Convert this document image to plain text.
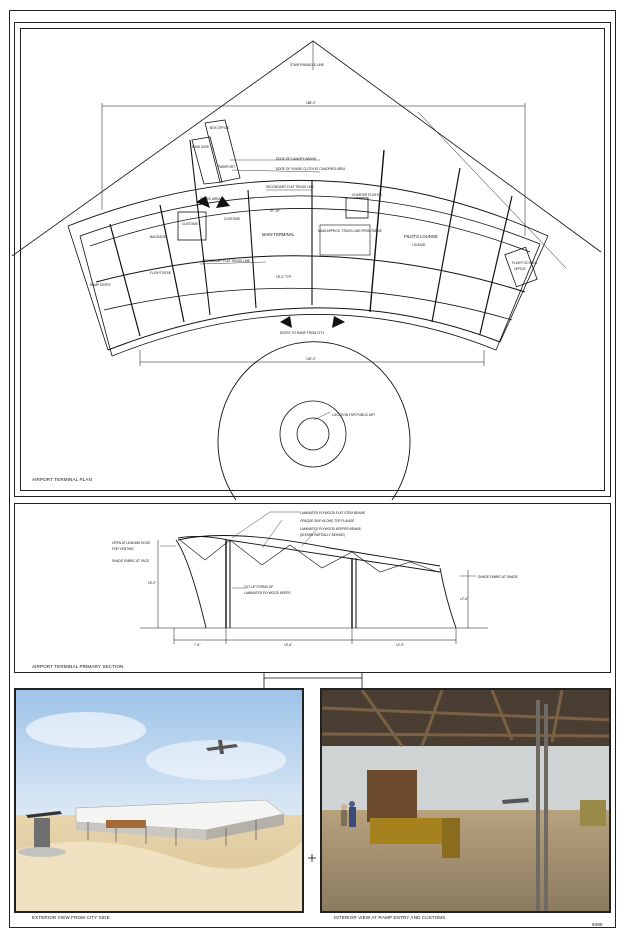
STAIR PINNACLE LINE
188'-0"
BOX OFFICE
MAIN GATE
PASSPORT
EDGE OF CANOPY ABOVE
EDGE OF SHADE CLOTH AT CANOPIED AREA
SECONDARY FLAT TRUSS LINE
CHARTER FLIGHTS
37'-10"
CUSTOMS
CUSTOMS
BAGGAGE	MAIN TERMINAL
MAIN APPROX. TRUSS LINE FROM RIDGE
PILOTS LOUNGE
LOUNGE
FLIGHT SCHOOL
OFFICE
FLIGHT DESK
SECONDARY FLAT TRUSS LINE
18'-0" TYP.
RAMP ENTRY
ENTRY TO RAMP FROM CITY
130'-0"
LOCATION FOR PUBLIC ART
CHECK AREA
LAMINATED PLYWOOD FLAT STEM BEAMS
OPAQUE SKIP ALONG TOP FLANGE
LAMINATED PLYWOOD KEEPER BEAMS
(SHOWN PARTIALLY BEHIND)
OPEN AT LEADING EDGE
FOR VENTING
SHADE FABRIC AT FACE
SHADE FABRIC AT SHADE
TILT-UP FORMS OF
LAMINATED PLYWOOD KEEPS
16'-0"
12'-6"
7'-6"	19'-6"	12'-9"
AIRPORT TERMINAL PLAN
AIRPORT TERMINAL PRIMARY SECTION
EXTERIOR VIEW FROM CITY SIDE	INTERIOR VIEW AT RAMP ENTRY AND CUSTOMS
9495
